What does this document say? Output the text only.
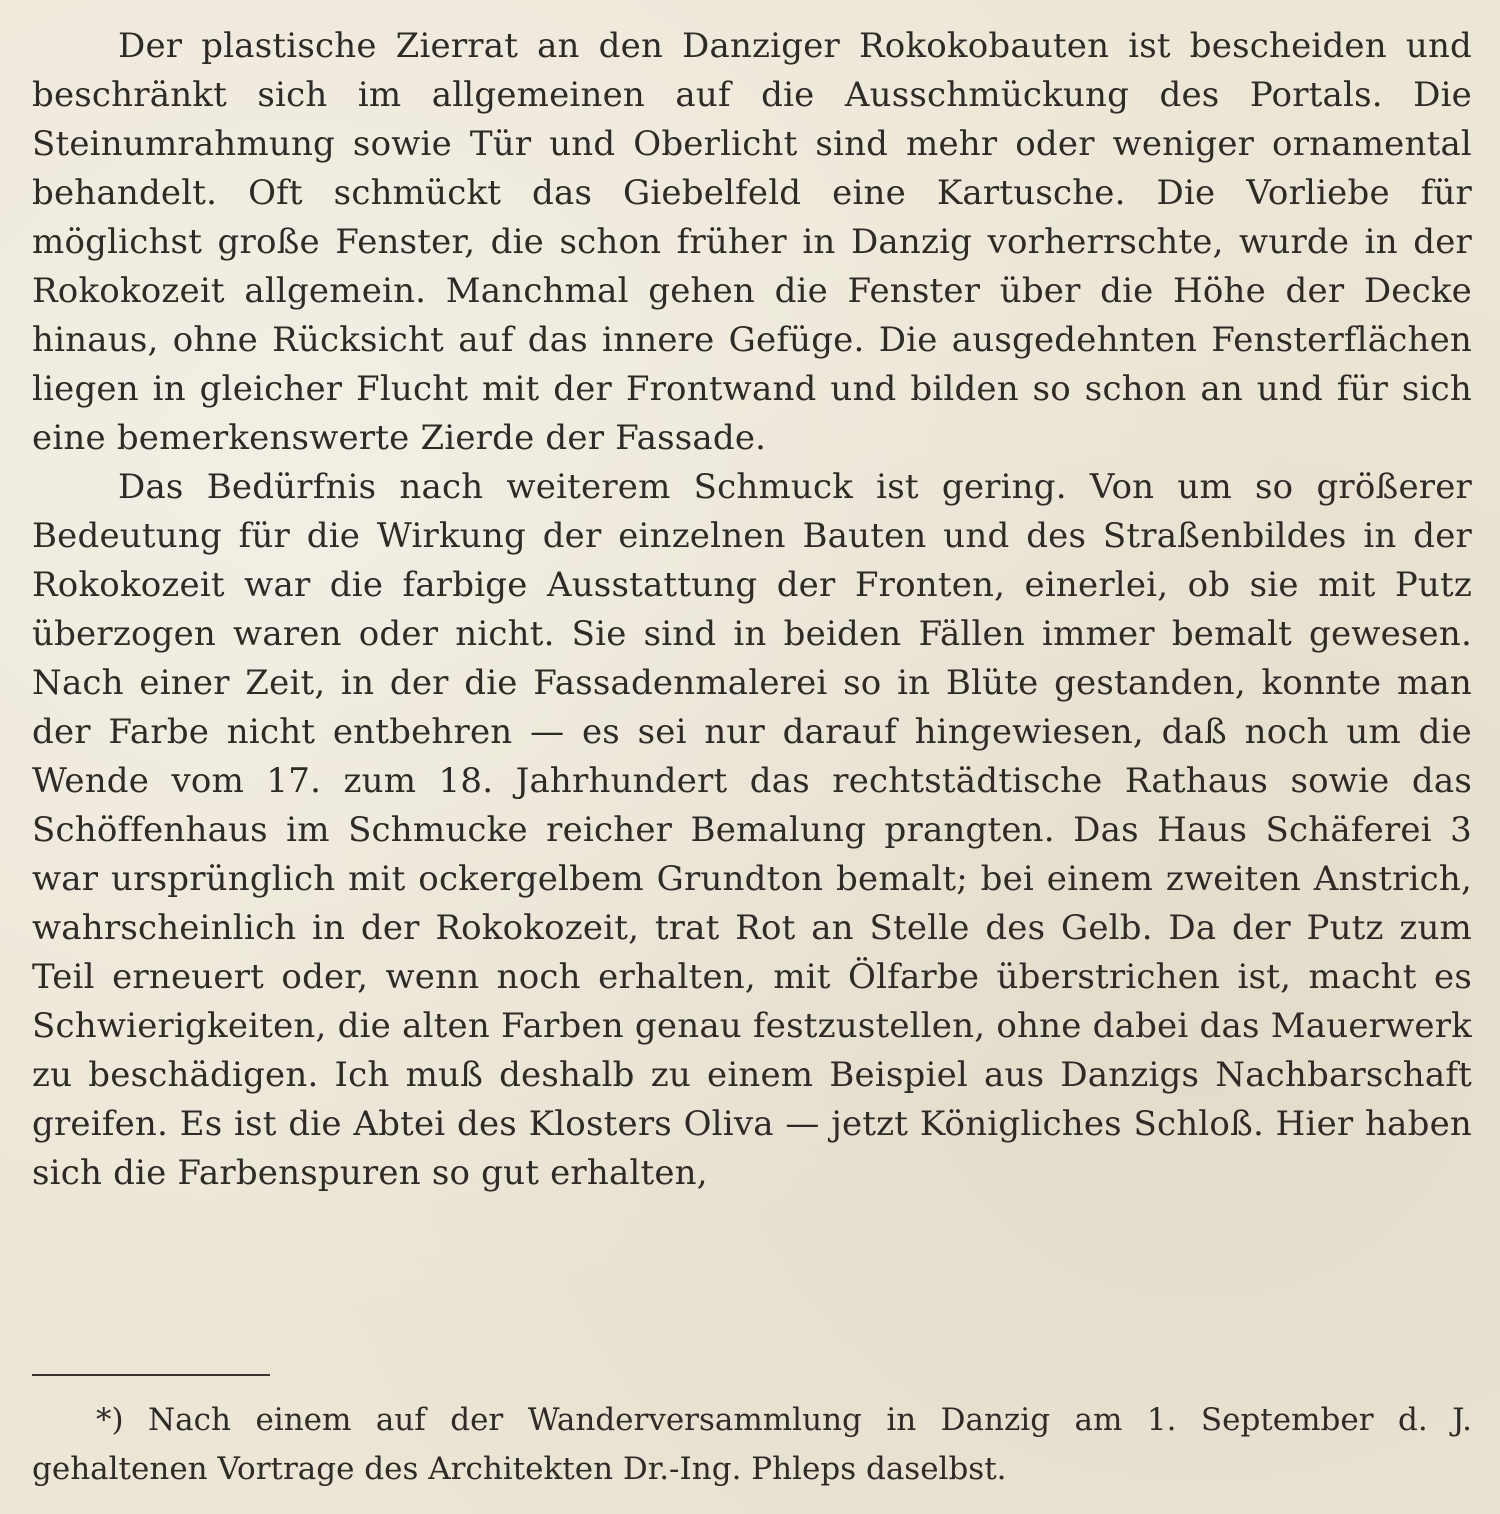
Der plastische Zierrat an den Danziger Rokokobauten ist bescheiden und beschränkt sich im allgemeinen auf die Ausschmückung des Portals. Die Steinumrahmung sowie Tür und Oberlicht sind mehr oder weniger ornamental behandelt. Oft schmückt das Giebelfeld eine Kartusche. Die Vorliebe für möglichst große Fenster, die schon früher in Danzig vorherrschte, wurde in der Rokokozeit allgemein. Manchmal gehen die Fenster über die Höhe der Decke hinaus, ohne Rücksicht auf das innere Gefüge. Die ausgedehnten Fensterflächen liegen in gleicher Flucht mit der Frontwand und bilden so schon an und für sich eine bemerkenswerte Zierde der Fassade.

Das Bedürfnis nach weiterem Schmuck ist gering. Von um so größerer Bedeutung für die Wirkung der einzelnen Bauten und des Straßenbildes in der Rokokozeit war die farbige Ausstattung der Fronten, einerlei, ob sie mit Putz überzogen waren oder nicht. Sie sind in beiden Fällen immer bemalt gewesen. Nach einer Zeit, in der die Fassadenmalerei so in Blüte gestanden, konnte man der Farbe nicht entbehren — es sei nur darauf hingewiesen, daß noch um die Wende vom 17. zum 18. Jahrhundert das rechtstädtische Rathaus sowie das Schöffenhaus im Schmucke reicher Bemalung prangten. Das Haus Schäferei 3 war ursprünglich mit ockergelbem Grundton bemalt; bei einem zweiten Anstrich, wahrscheinlich in der Rokokozeit, trat Rot an Stelle des Gelb. Da der Putz zum Teil erneuert oder, wenn noch erhalten, mit Ölfarbe überstrichen ist, macht es Schwierigkeiten, die alten Farben genau festzustellen, ohne dabei das Mauerwerk zu beschädigen. Ich muß deshalb zu einem Beispiel aus Danzigs Nachbarschaft greifen. Es ist die Abtei des Klosters Oliva — jetzt Königliches Schloß. Hier haben sich die Farbenspuren so gut erhalten,

*) Nach einem auf der Wanderversammlung in Danzig am 1. September d. J. gehaltenen Vortrage des Architekten Dr.-Ing. Phleps daselbst.
